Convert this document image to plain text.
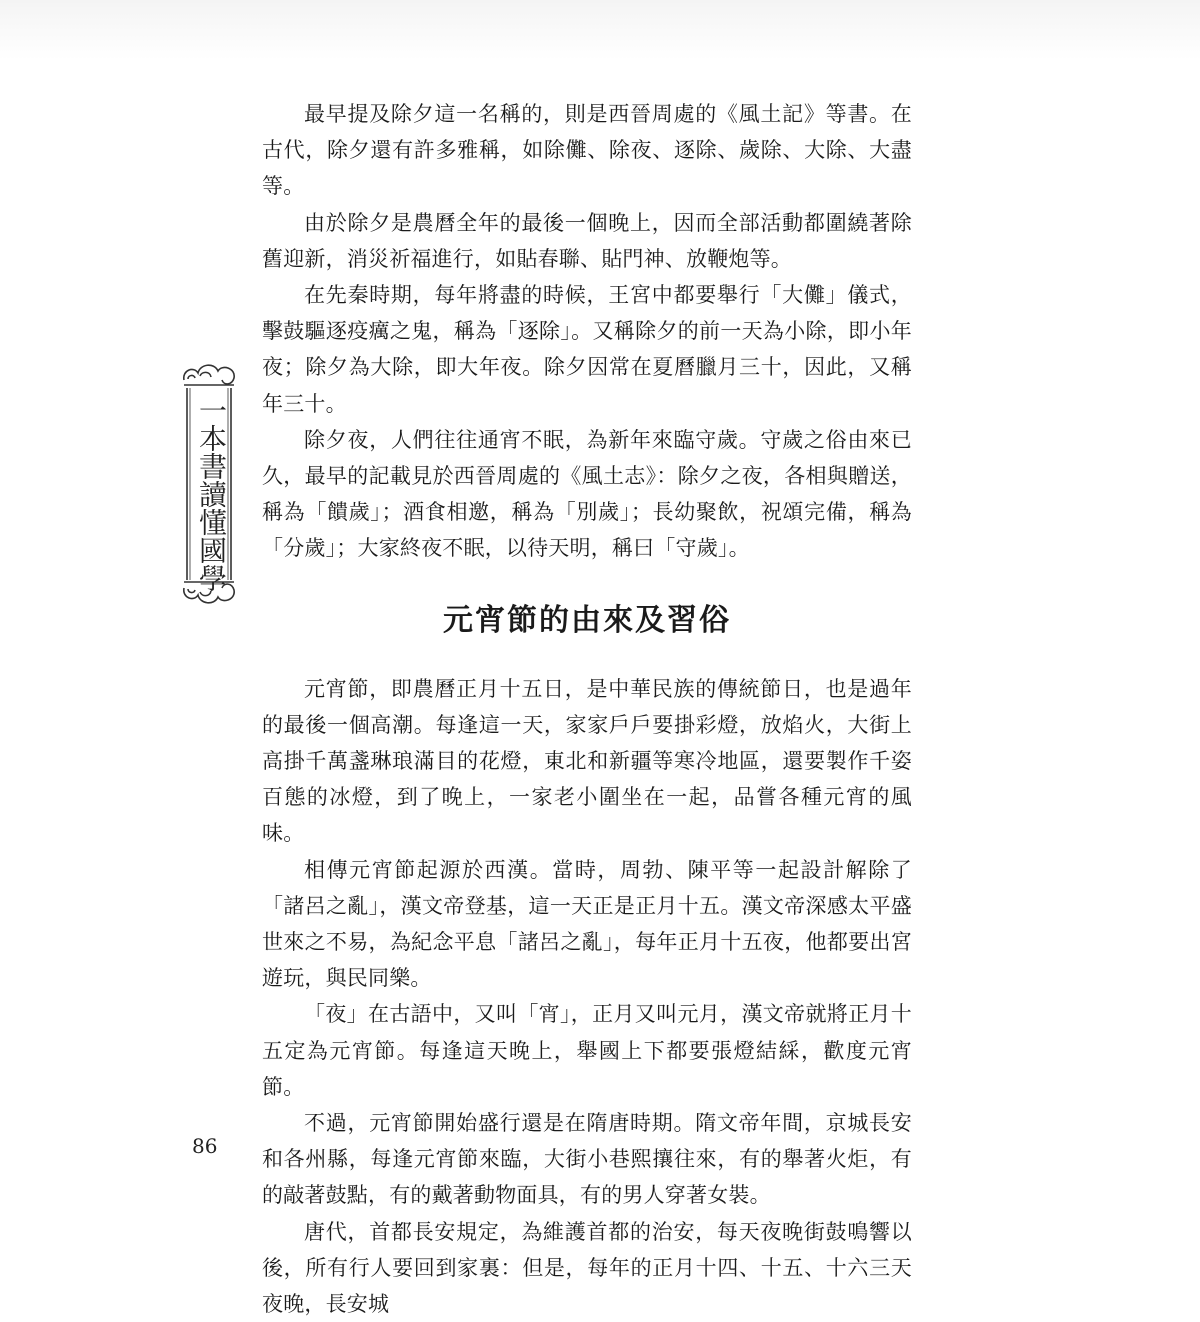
一本書讀懂國學

最早提及除夕這一名稱的，則是西晉周處的《風土記》等書。在古代，除夕還有許多雅稱，如除儺、除夜、逐除、歲除、大除、大盡等。

由於除夕是農曆全年的最後一個晚上，因而全部活動都圍繞著除舊迎新，消災祈福進行，如貼春聯、貼門神、放鞭炮等。

在先秦時期，每年將盡的時候，王宮中都要舉行「大儺」儀式，擊鼓驅逐疫癘之鬼，稱為「逐除」。又稱除夕的前一天為小除，即小年夜；除夕為大除，即大年夜。除夕因常在夏曆臘月三十，因此，又稱年三十。

除夕夜，人們往往通宵不眠，為新年來臨守歲。守歲之俗由來已久，最早的記載見於西晉周處的《風土志》：除夕之夜，各相與贈送，稱為「饋歲」；酒食相邀，稱為「別歲」；長幼聚飲，祝頌完備，稱為「分歲」；大家終夜不眠，以待天明，稱曰「守歲」。

元宵節的由來及習俗

元宵節，即農曆正月十五日，是中華民族的傳統節日，也是過年的最後一個高潮。每逢這一天，家家戶戶要掛彩燈，放焰火，大街上高掛千萬盞琳琅滿目的花燈，東北和新疆等寒冷地區，還要製作千姿百態的冰燈，到了晚上，一家老小圍坐在一起，品嘗各種元宵的風味。

相傳元宵節起源於西漢。當時，周勃、陳平等一起設計解除了「諸呂之亂」，漢文帝登基，這一天正是正月十五。漢文帝深感太平盛世來之不易，為紀念平息「諸呂之亂」，每年正月十五夜，他都要出宮遊玩，與民同樂。

「夜」在古語中，又叫「宵」，正月又叫元月，漢文帝就將正月十五定為元宵節。每逢這天晚上，舉國上下都要張燈結綵，歡度元宵節。

不過，元宵節開始盛行還是在隋唐時期。隋文帝年間，京城長安和各州縣，每逢元宵節來臨，大街小巷熙攘往來，有的舉著火炬，有的敲著鼓點，有的戴著動物面具，有的男人穿著女裝。

唐代，首都長安規定，為維護首都的治安，每天夜晚街鼓鳴響以後，所有行人要回到家裏：但是，每年的正月十四、十五、十六三天夜晚，長安城

86
